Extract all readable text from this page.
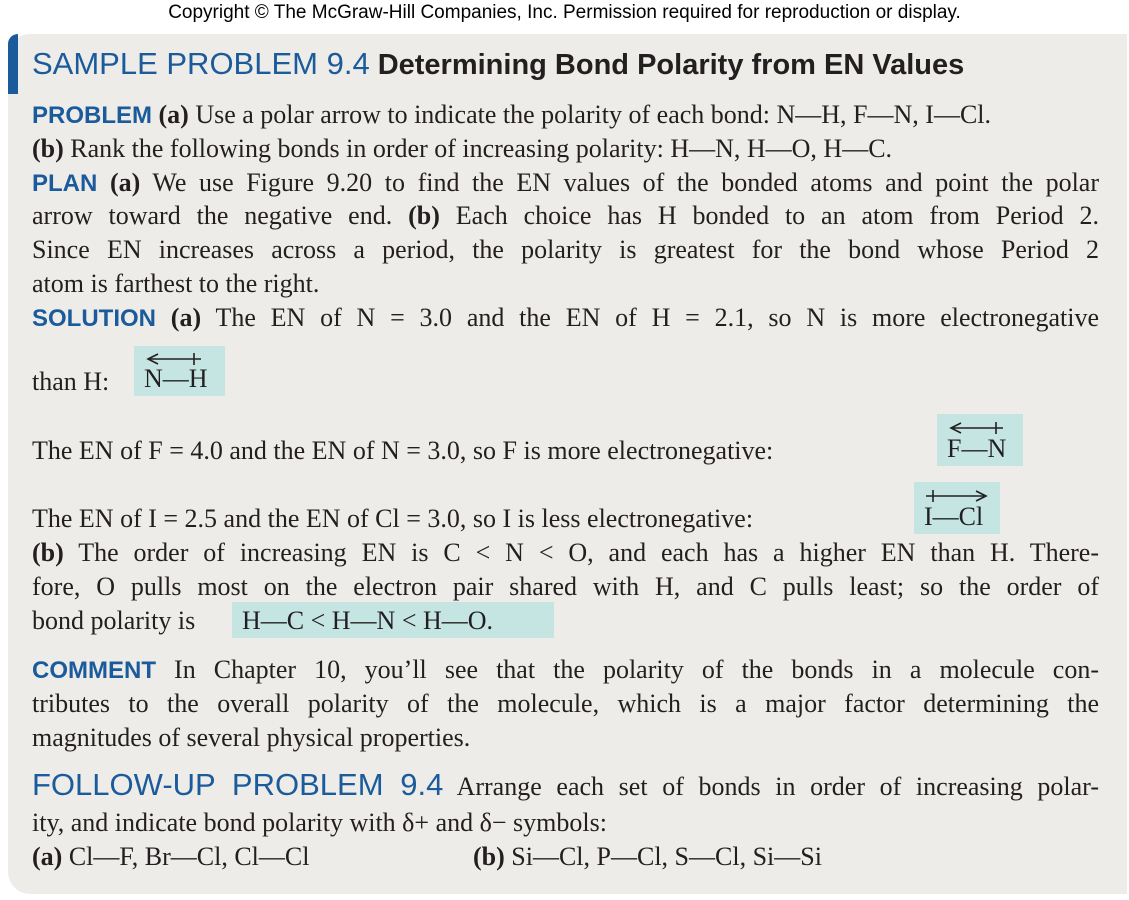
Copyright © The McGraw-Hill Companies, Inc. Permission required for reproduction or display.
SAMPLE PROBLEM 9.4 Determining Bond Polarity from EN Values
PROBLEM (a) Use a polar arrow to indicate the polarity of each bond: N—H, F—N, I—Cl.
(b) Rank the following bonds in order of increasing polarity: H—N, H—O, H—C.
PLAN (a) We use Figure 9.20 to find the EN values of the bonded atoms and point the polar
arrow toward the negative end. (b) Each choice has H bonded to an atom from Period 2.
Since EN increases across a period, the polarity is greatest for the bond whose Period 2
atom is farthest to the right.
SOLUTION (a) The EN of N = 3.0 and the EN of H = 2.1, so N is more electronegative
than H: N—H
The EN of F = 4.0 and the EN of N = 3.0, so F is more electronegative:	F—N
The EN of I = 2.5 and the EN of Cl = 3.0, so I is less electronegative:	I—Cl
(b) The order of increasing EN is C < N < O, and each has a higher EN than H. There-
fore, O pulls most on the electron pair shared with H, and C pulls least; so the order of
bond polarity is H—C < H—N < H—O.
COMMENT In Chapter 10, you’ll see that the polarity of the bonds in a molecule con-
tributes to the overall polarity of the molecule, which is a major factor determining the
magnitudes of several physical properties.
FOLLOW-UP PROBLEM 9.4 Arrange each set of bonds in order of increasing polar-
ity, and indicate bond polarity with δ+ and δ− symbols:
(a) Cl—F, Br—Cl, Cl—Cl	(b) Si—Cl, P—Cl, S—Cl, Si—Si
